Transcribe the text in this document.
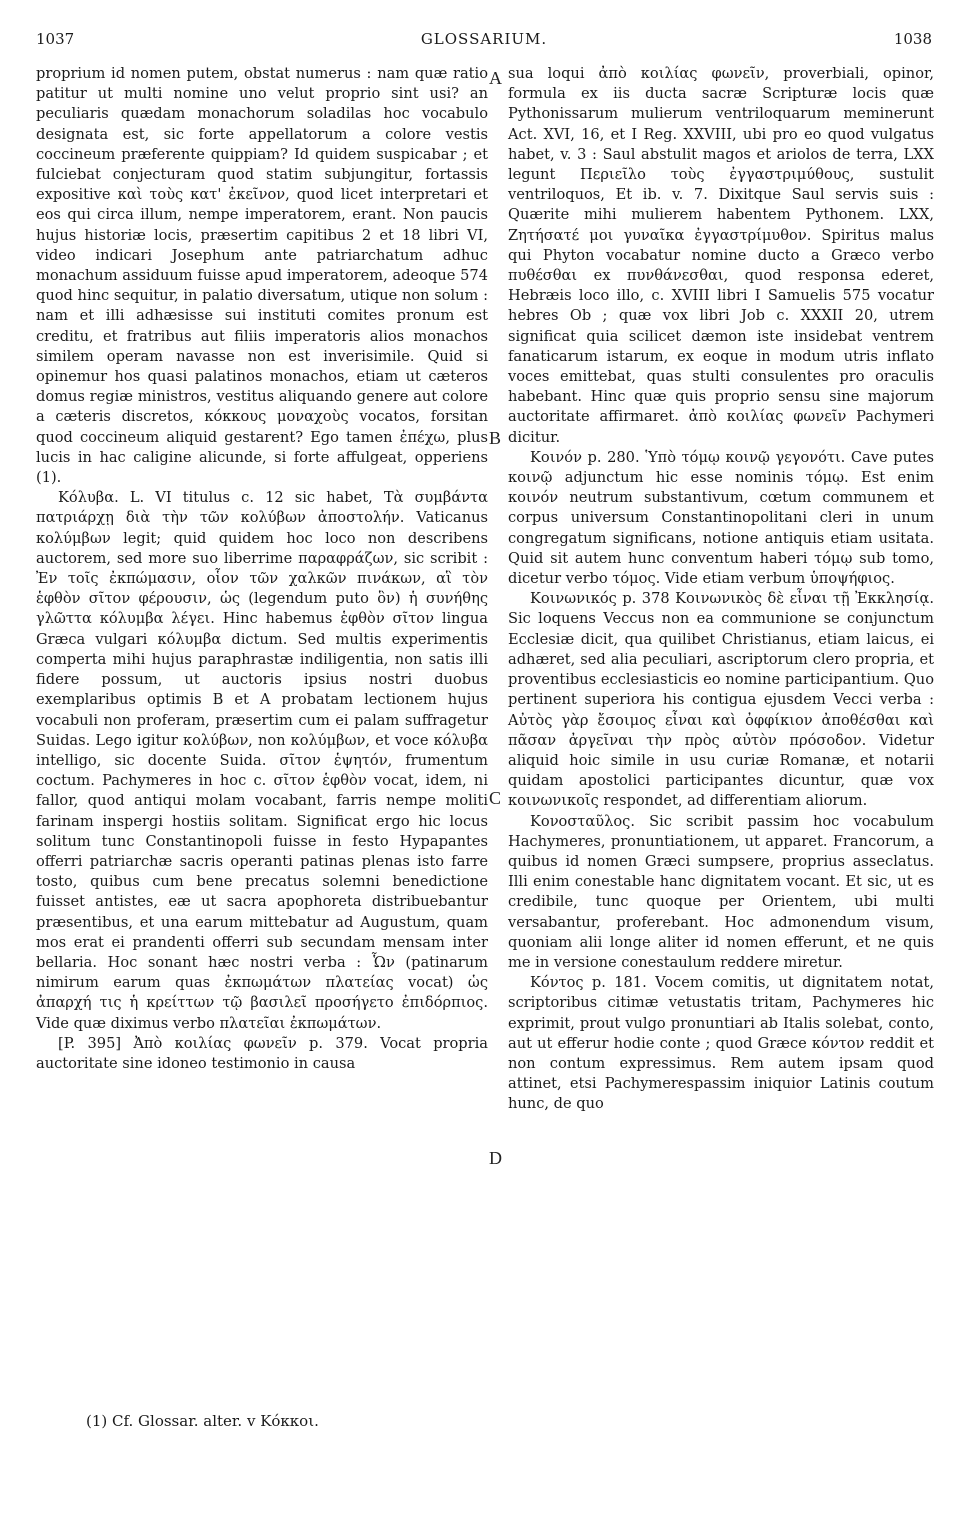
GLOSSARIUM.
1037	1038

proprium id nomen putem, obstat numerus : nam quæ ratio patitur ut multi nomine uno velut proprio sint usi? an peculiaris quædam monachorum soladilas hoc vocabulo designata est, sic forte appellatorum a colore vestis coccineum præferente quippiam? Id quidem suspicabar ; et fulciebat conjecturam quod statim subjungitur, fortassis expositive καὶ τοὺς κατ' ἐκεῖνον, quod licet interpretari et eos qui circa illum, nempe imperatorem, erant. Non paucis hujus historiæ locis, præsertim capitibus 2 et 18 libri VI, video indicari Josephum ante patriarchatum adhuc monachum assiduum fuisse apud imperatorem, adeoque 574 quod hinc sequitur, in palatio diversatum, utique non solum : nam et illi adhæsisse sui instituti comites pronum est creditu, et fratribus aut filiis imperatoris alios monachos similem operam navasse non est inverisimile. Quid si opinemur hos quasi palatinos monachos, etiam ut cæteros domus regiæ ministros, vestitus aliquando genere aut colore a cæteris discretos, κόκκους μοναχοὺς vocatos, forsitan quod coccineum aliquid gestarent? Ego tamen ἐπέχω, plus lucis in hac caligine alicunde, si forte affulgeat, opperiens (1).

Κόλυβα. L. VI titulus c. 12 sic habet, Τὰ συμβάντα πατριάρχῃ διὰ τὴν τῶν κολύβων ἀποστολήν. Vaticanus κολύμβων legit; quid quidem hoc loco non describens auctorem, sed more suo liberrime παραφράζων, sic scribit : Ἐν τοῖς ἐκπώμασιν, οἷον τῶν χαλκῶν πινάκων, αἳ τὸν ἑφθὸν σῖτον φέρουσιν, ὡς (legendum puto ὃν) ἡ συνήθης γλῶττα κόλυμβα λέγει. Hinc habemus ἑφθὸν σῖτον lingua Græca vulgari κόλυμβα dictum. Sed multis experimentis comperta mihi hujus paraphrastæ indiligentia, non satis illi fidere possum, ut auctoris ipsius nostri duobus exemplaribus optimis B et A probatam lectionem hujus vocabuli non proferam, præsertim cum ei palam suffragetur Suidas. Lego igitur κολύβων, non κολύμβων, et voce κόλυβα intelligo, sic docente Suida. σῖτον ἑψητόν, frumentum coctum. Pachymeres in hoc c. σῖτον ἑφθὸν vocat, idem, ni fallor, quod antiqui molam vocabant, farris nempe moliti farinam inspergi hostiis solitam. Significat ergo hic locus solitum tunc Constantinopoli fuisse in festo Hypapantes offerri patriarchæ sacris operanti patinas plenas isto farre tosto, quibus cum bene precatus solemni benedictione fuisset antistes, eæ ut sacra apophoreta distribuebantur præsentibus, et una earum mittebatur ad Augustum, quam mos erat ei prandenti offerri sub secundam mensam inter bellaria. Hoc sonant hæc nostri verba : Ὧν (patinarum nimirum earum quas ἐκπωμάτων πλατείας vocat) ὡς ἀπαρχή τις ἡ κρείττων τῷ βασιλεῖ προσήγετο ἐπιδόρπιος. Vide quæ diximus verbo πλατεῖαι ἐκπωμάτων.

[P. 395] Ἀπὸ κοιλίας φωνεῖν p. 379. Vocat propria auctoritate sine idoneo testimonio in causa

A
B
C
D

sua loqui ἀπὸ κοιλίας φωνεῖν, proverbiali, opinor, formula ex iis ducta sacræ Scripturæ locis quæ Pythonissarum mulierum ventriloquarum meminerunt Act. XVI, 16, et I Reg. XXVIII, ubi pro eo quod vulgatus habet, v. 3 : Saul abstulit magos et ariolos de terra, LXX legunt Περιεῖλο τοὺς ἐγγαστριμύθους, sustulit ventriloquos, Et ib. v. 7. Dixitque Saul servis suis : Quærite mihi mulierem habentem Pythonem. LXX, Ζητήσατέ μοι γυναῖκα ἐγγαστρίμυθον. Spiritus malus qui Phyton vocabatur nomine ducto a Græco verbo πυθέσθαι ex πυνθάνεσθαι, quod responsa ederet, Hebræis loco illo, c. XVIII libri I Samuelis 575 vocatur hebres Ob ; quæ vox libri Job c. XXXII 20, utrem significat quia scilicet dæmon iste insidebat ventrem fanaticarum istarum, ex eoque in modum utris inflato voces emittebat, quas stulti consulentes pro oraculis habebant. Hinc quæ quis proprio sensu sine majorum auctoritate affirmaret. ἀπὸ κοιλίας φωνεῖν Pachymeri dicitur.

Κοινόν p. 280. Ὑπὸ τόμῳ κοινῷ γεγονότι. Cave putes κοινῷ adjunctum hic esse nominis τόμῳ. Est enim κοινόν neutrum substantivum, cœtum communem et corpus universum Constantinopolitani cleri in unum congregatum significans, notione antiquis etiam usitata. Quid sit autem hunc conventum haberi τόμῳ sub tomo, dicetur verbo τόμος. Vide etiam verbum ὑποψήφιος.

Κοινωνικός p. 378 Κοινωνικὸς δὲ εἶναι τῇ Ἐκκλησίᾳ. Sic loquens Veccus non ea communione se conjunctum Ecclesiæ dicit, qua quilibet Christianus, etiam laicus, ei adhæret, sed alia peculiari, ascriptorum clero propria, et proventibus ecclesiasticis eo nomine participantium. Quo pertinent superiora his contigua ejusdem Vecci verba : Αὐτὸς γὰρ ἔσοιμος εἶναι καὶ ὀφφίκιον ἀποθέσθαι καὶ πᾶσαν ἀργεῖναι τὴν πρὸς αὐτὸν πρόσοδον. Videtur aliquid hoic simile in usu curiæ Romanæ, et notarii quidam apostolici participantes dicuntur, quæ vox κοινωνικοῖς respondet, ad differentiam aliorum.

Κονοσταῦλος. Sic scribit passim hoc vocabulum Hachymeres, pronuntiationem, ut apparet. Francorum, a quibus id nomen Græci sumpsere, proprius asseclatus. Illi enim conestable hanc dignitatem vocant. Et sic, ut es credibile, tunc quoque per Orientem, ubi multi versabantur, proferebant. Hoc admonendum visum, quoniam alii longe aliter id nomen efferunt, et ne quis me in versione conestaulum reddere miretur.

Κόντος p. 181. Vocem comitis, ut dignitatem notat, scriptoribus citimæ vetustatis tritam, Pachymeres hic exprimit, prout vulgo pronuntiari ab Italis solebat, conto, aut ut efferur hodie conte ; quod Græce κόντον reddit et non contum expressimus. Rem autem ipsam quod attinet, etsi Pachymerespassim iniquior Latinis coutum hunc, de quo

(1) Cf. Glossar. alter. v Κόκκοι.
